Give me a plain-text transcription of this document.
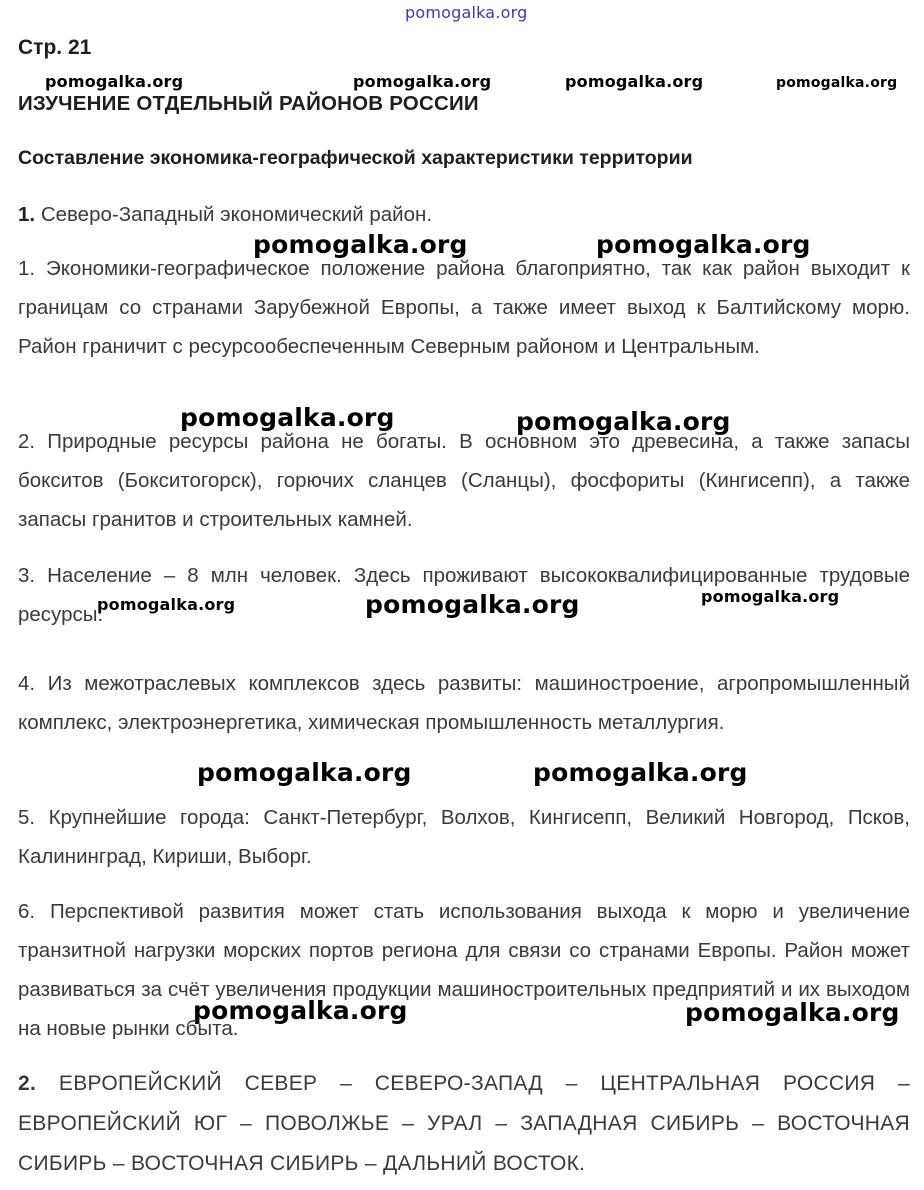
pomogalka.org
pomogalka.org	pomogalka.org	pomogalka.org	pomogalka.org
pomogalka.org	pomogalka.org
pomogalka.org	pomogalka.org
pomogalka.org	pomogalka.org	pomogalka.org
pomogalka.org	pomogalka.org
pomogalka.org	pomogalka.org

Стр. 21

ИЗУЧЕНИЕ ОТДЕЛЬНЫЙ РАЙОНОВ РОССИИ

Составление экономика-географической характеристики территории

1. Северо-Западный экономический район.

1. Экономики-географическое положение района благоприятно, так как район выходит к границам со странами Зарубежной Европы, а также имеет выход к Балтийскому морю. Район граничит с ресурсообеспеченным Северным районом и Центральным.

2. Природные ресурсы района не богаты. В основном это древесина, а также запасы бокситов (Бокситогорск), горючих сланцев (Сланцы), фосфориты (Кингисепп), а также запасы гранитов и строительных камней.

3. Население – 8 млн человек. Здесь проживают высококвалифицированные трудовые ресурсы.

4. Из межотраслевых комплексов здесь развиты: машиностроение, агропромышленный комплекс, электроэнергетика, химическая промышленность металлургия.

5. Крупнейшие города: Санкт-Петербург, Волхов, Кингисепп, Великий Новгород, Псков, Калининград, Кириши, Выборг.

6. Перспективой развития может стать использования выхода к морю и увеличение транзитной нагрузки морских портов региона для связи со странами Европы. Район может развиваться за счёт увеличения продукции машиностроительных предприятий и их выходом на новые рынки сбыта.

2. ЕВРОПЕЙСКИЙ СЕВЕР – СЕВЕРО-ЗАПАД – ЦЕНТРАЛЬНАЯ РОССИЯ – ЕВРОПЕЙСКИЙ ЮГ – ПОВОЛЖЬЕ – УРАЛ – ЗАПАДНАЯ СИБИРЬ – ВОСТОЧНАЯ СИБИРЬ – ВОСТОЧНАЯ СИБИРЬ – ДАЛЬНИЙ ВОСТОК.
